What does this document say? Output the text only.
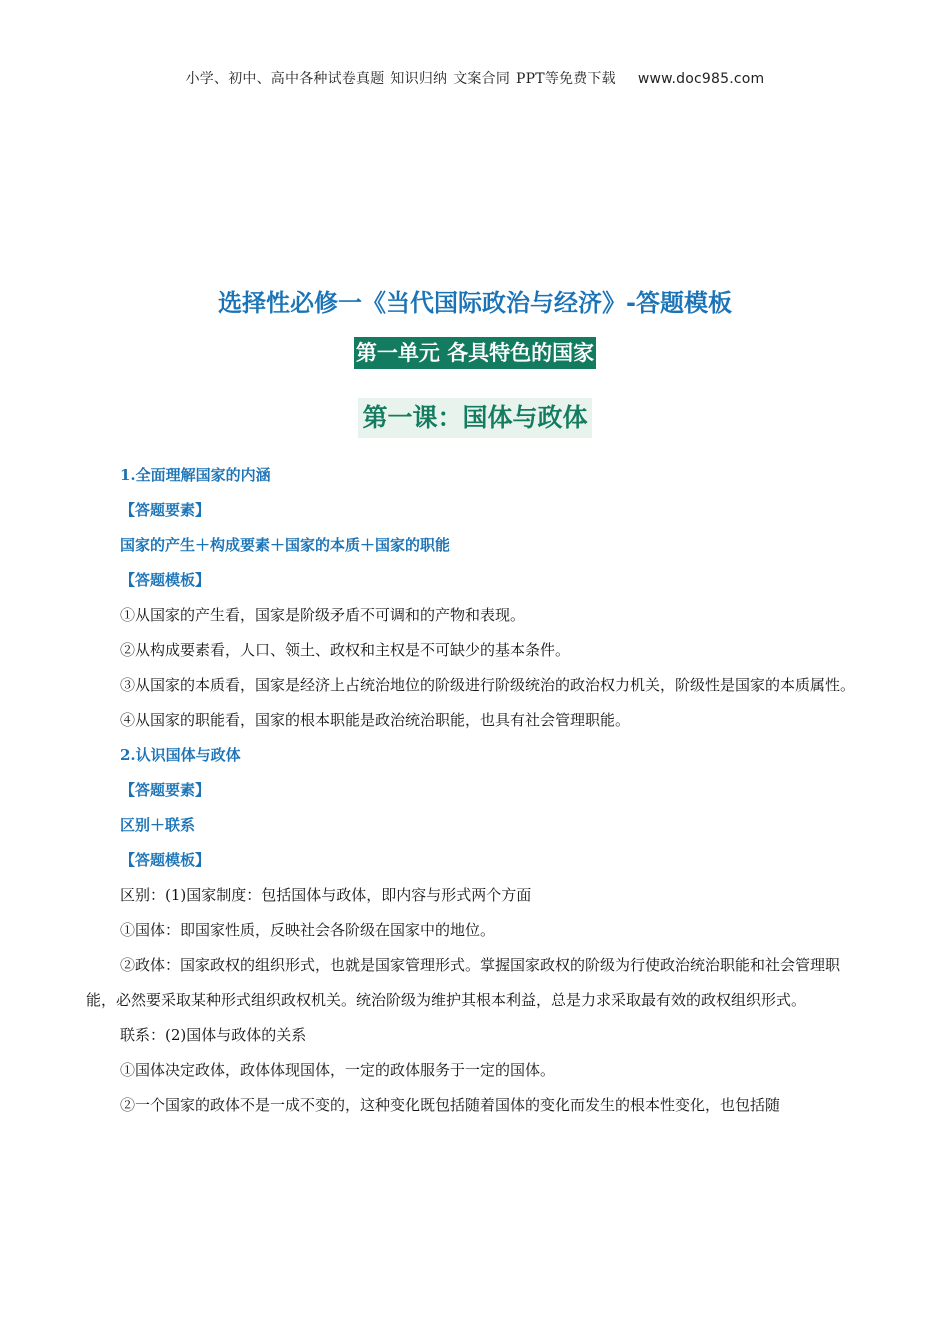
小学、初中、高中各种试卷真题 知识归纳 文案合同 PPT等免费下载 www.doc985.com
选择性必修一《当代国际政治与经济》-答题模板
第一单元 各具特色的国家
第一课：国体与政体

1.全面理解国家的内涵

【答题要素】

国家的产生＋构成要素＋国家的本质＋国家的职能

【答题模板】

①从国家的产生看，国家是阶级矛盾不可调和的产物和表现。

②从构成要素看，人口、领土、政权和主权是不可缺少的基本条件。

③从国家的本质看，国家是经济上占统治地位的阶级进行阶级统治的政治权力机关，阶级性是国家的本质属性。

④从国家的职能看，国家的根本职能是政治统治职能，也具有社会管理职能。

2.认识国体与政体

【答题要素】

区别＋联系

【答题模板】

区别：(1)国家制度：包括国体与政体，即内容与形式两个方面

①国体：即国家性质，反映社会各阶级在国家中的地位。

②政体：国家政权的组织形式，也就是国家管理形式。掌握国家政权的阶级为行使政治统治职能和社会管理职能，必然要采取某种形式组织政权机关。统治阶级为维护其根本利益，总是力求采取最有效的政权组织形式。

联系：(2)国体与政体的关系

①国体决定政体，政体体现国体，一定的政体服务于一定的国体。

②一个国家的政体不是一成不变的，这种变化既包括随着国体的变化而发生的根本性变化，也包括随
